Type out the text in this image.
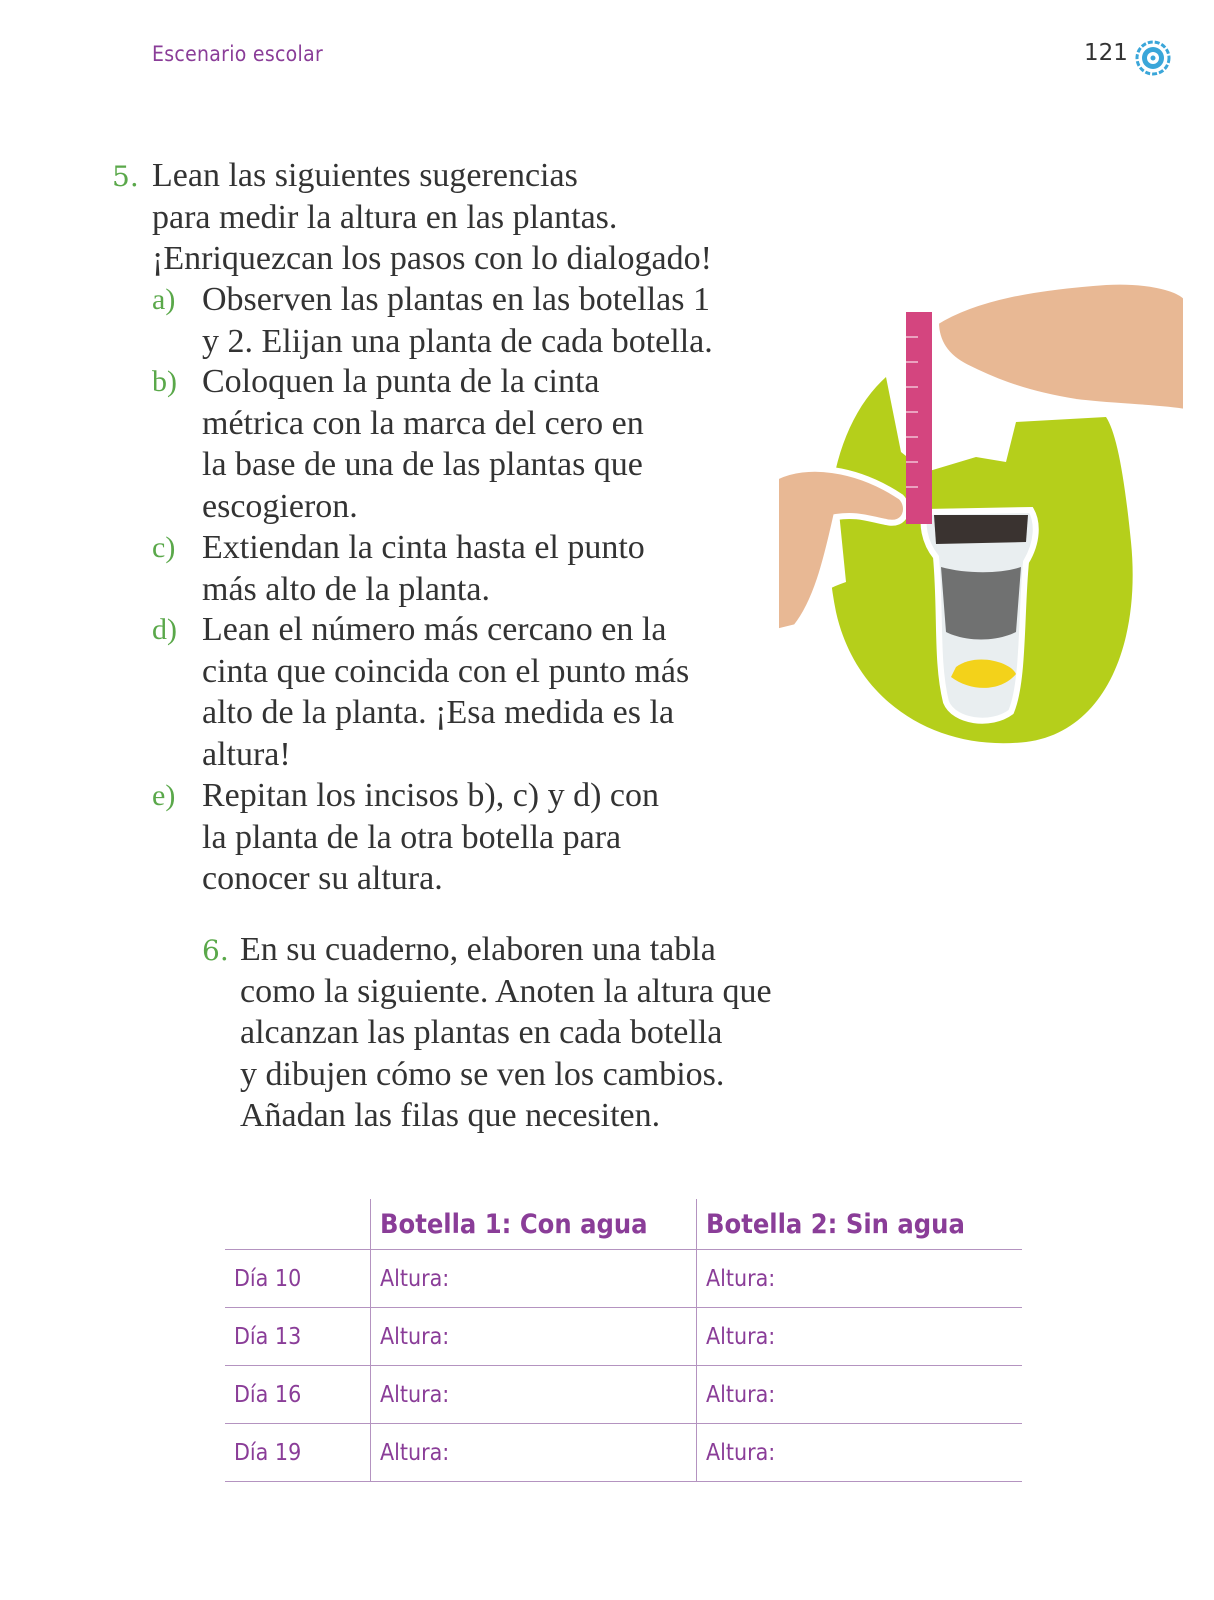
Escenario escolar	121
5. Lean las siguientes sugerencias
para medir la altura en las plantas.
¡Enriquezcan los pasos con lo dialogado!
a) Observen las plantas en las botellas 1
y 2. Elijan una planta de cada botella.
b) Coloquen la punta de la cinta
métrica con la marca del cero en
la base de una de las plantas que
escogieron.
c) Extiendan la cinta hasta el punto
más alto de la planta.
d) Lean el número más cercano en la
cinta que coincida con el punto más
alto de la planta. ¡Esa medida es la
altura!
e) Repitan los incisos b), c) y d) con
la planta de la otra botella para
conocer su altura.
6. En su cuaderno, elaboren una tabla
como la siguiente. Anoten la altura que
alcanzan las plantas en cada botella
y dibujen cómo se ven los cambios.
Añadan las filas que necesiten.
	Botella 1: Con agua	Botella 2: Sin agua
Día 10	Altura:	Altura:
Día 13	Altura:	Altura:
Día 16	Altura:	Altura:
Día 19	Altura:	Altura:
